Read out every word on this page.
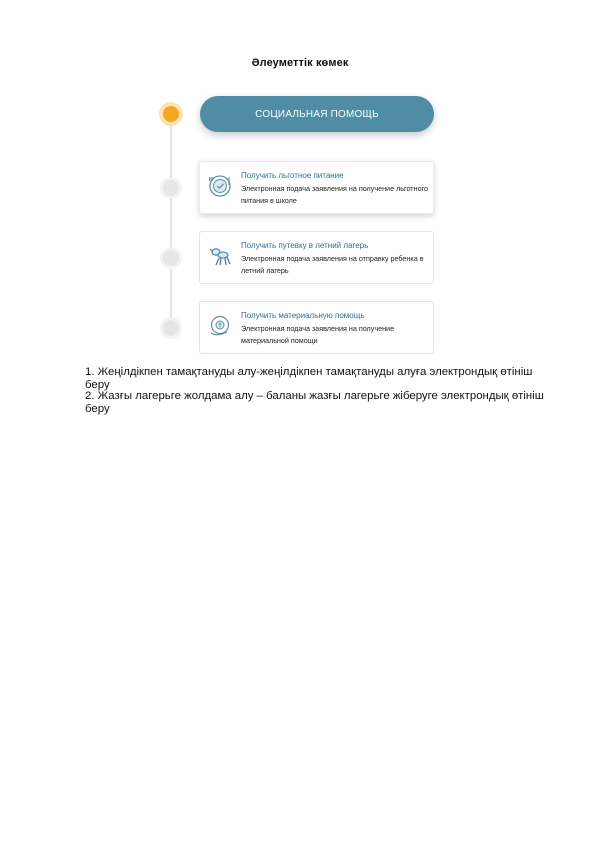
Әлеуметтік көмек
СОЦИАЛЬНАЯ ПОМОЩЬ
Получить льготное питание
Электронная подача заявления на получение льготного питания в школе
Получить путевку в летний лагерь
Электронная подача заявления на отправку ребенка в летний лагерь
Получить материальную помощь
Электронная подача заявления на получение материальной помощи
1. Жеңілдікпен тамақтануды алу-жеңілдікпен тамақтануды алуға электрондық өтініш беру
2. Жазғы лагерьге жолдама алу – баланы жазғы лагерьге жіберуге электрондық өтініш беру
